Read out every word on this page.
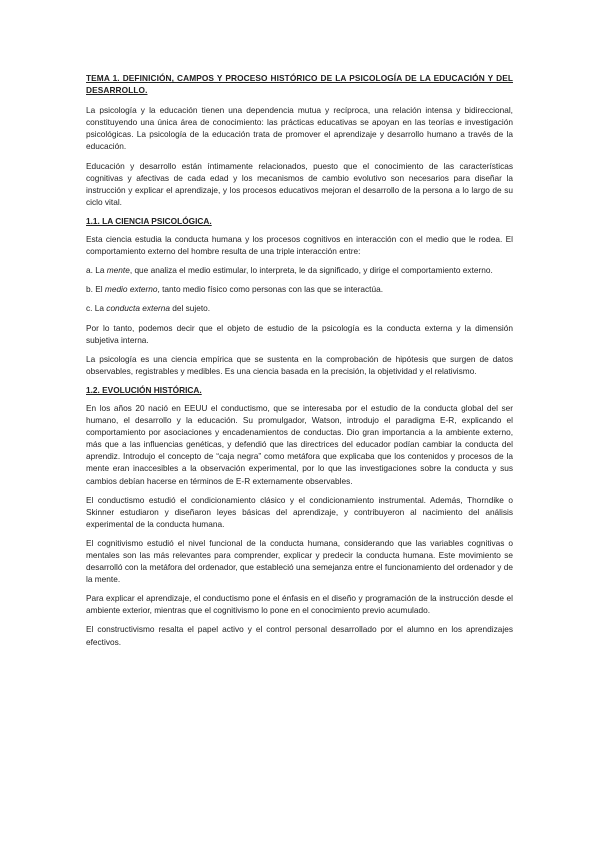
TEMA 1. DEFINICIÓN, CAMPOS Y PROCESO HISTÓRICO DE LA PSICOLOGÍA DE LA EDUCACIÓN Y DEL DESARROLLO.

La psicología y la educación tienen una dependencia mutua y recíproca, una relación intensa y bidireccional, constituyendo una única área de conocimiento: las prácticas educativas se apoyan en las teorías e investigación psicológicas. La psicología de la educación trata de promover el aprendizaje y desarrollo humano a través de la educación.

Educación y desarrollo están íntimamente relacionados, puesto que el conocimiento de las características cognitivas y afectivas de cada edad y los mecanismos de cambio evolutivo son necesarios para diseñar la instrucción y explicar el aprendizaje, y los procesos educativos mejoran el desarrollo de la persona a lo largo de su ciclo vital.

1.1. LA CIENCIA PSICOLÓGICA.

Esta ciencia estudia la conducta humana y los procesos cognitivos en interacción con el medio que le rodea. El comportamiento externo del hombre resulta de una triple interacción entre:

a. La mente, que analiza el medio estimular, lo interpreta, le da significado, y dirige el comportamiento externo.

b. El medio externo, tanto medio físico como personas con las que se interactúa.

c. La conducta externa del sujeto.

Por lo tanto, podemos decir que el objeto de estudio de la psicología es la conducta externa y la dimensión subjetiva interna.

La psicología es una ciencia empírica que se sustenta en la comprobación de hipótesis que surgen de datos observables, registrables y medibles. Es una ciencia basada en la precisión, la objetividad y el relativismo.

1.2. EVOLUCIÓN HISTÓRICA.

En los años 20 nació en EEUU el conductismo, que se interesaba por el estudio de la conducta global del ser humano, el desarrollo y la educación. Su promulgador, Watson, introdujo el paradigma E-R, explicando el comportamiento por asociaciones y encadenamientos de conductas. Dio gran importancia a la ambiente externo, más que a las influencias genéticas, y defendió que las directrices del educador podían cambiar la conducta del aprendiz. Introdujo el concepto de “caja negra” como metáfora que explicaba que los contenidos y procesos de la mente eran inaccesibles a la observación experimental, por lo que las investigaciones sobre la conducta y sus cambios debían hacerse en términos de E-R externamente observables.

El conductismo estudió el condicionamiento clásico y el condicionamiento instrumental. Además, Thorndike o Skinner estudiaron y diseñaron leyes básicas del aprendizaje, y contribuyeron al nacimiento del análisis experimental de la conducta humana.

El cognitivismo estudió el nivel funcional de la conducta humana, considerando que las variables cognitivas o mentales son las más relevantes para comprender, explicar y predecir la conducta humana. Este movimiento se desarrolló con la metáfora del ordenador, que estableció una semejanza entre el funcionamiento del ordenador y de la mente.

Para explicar el aprendizaje, el conductismo pone el énfasis en el diseño y programación de la instrucción desde el ambiente exterior, mientras que el cognitivismo lo pone en el conocimiento previo acumulado.

El constructivismo resalta el papel activo y el control personal desarrollado por el alumno en los aprendizajes efectivos.
